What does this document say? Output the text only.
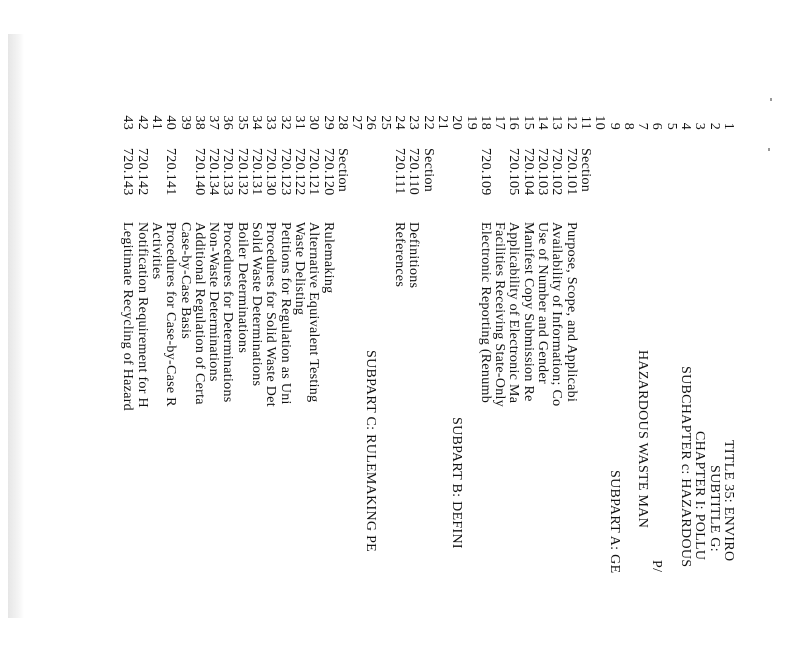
1
TITLE 35: ENVIRO
2
SUBTITLE G:
3
CHAPTER I: POLLU
4
SUBCHAPTER c: HAZARDOUS
5
6
P/
7
HAZARDOUS WASTE MAN
8
9
SUBPART A: GE
10
11
Section
12
720.101
Purpose, Scope, and Applicabi
13
720.102
Availability of Information; Co
14
720.103
Use of Number and Gender
15
720.104
Manifest Copy Submission Re
16
720.105
Applicability of Electronic Ma
17
Facilities Receiving State-Only
18
720.109
Electronic Reporting (Renumb
19
20
SUBPART B: DEFINI
21
22
Section
23
720.110
Definitions
24
720.111
References
25
26
SUBPART C: RULEMAKING PE
27
28
Section
29
720.120
Rulemaking
30
720.121
Alternative Equivalent Testing
31
720.122
Waste Delisting
32
720.123
Petitions for Regulation as Uni
33
720.130
Procedures for Solid Waste Det
34
720.131
Solid Waste Determinations
35
720.132
Boiler Determinations
36
720.133
Procedures for Determinations
37
720.134
Non-Waste Determinations
38
720.140
Additional Regulation of Certa
39
Case-by-Case Basis
40
720.141
Procedures for Case-by-Case R
41
Activities
42
720.142
Notification Requirement for H
43
720.143
Legitimate Recycling of Hazard
